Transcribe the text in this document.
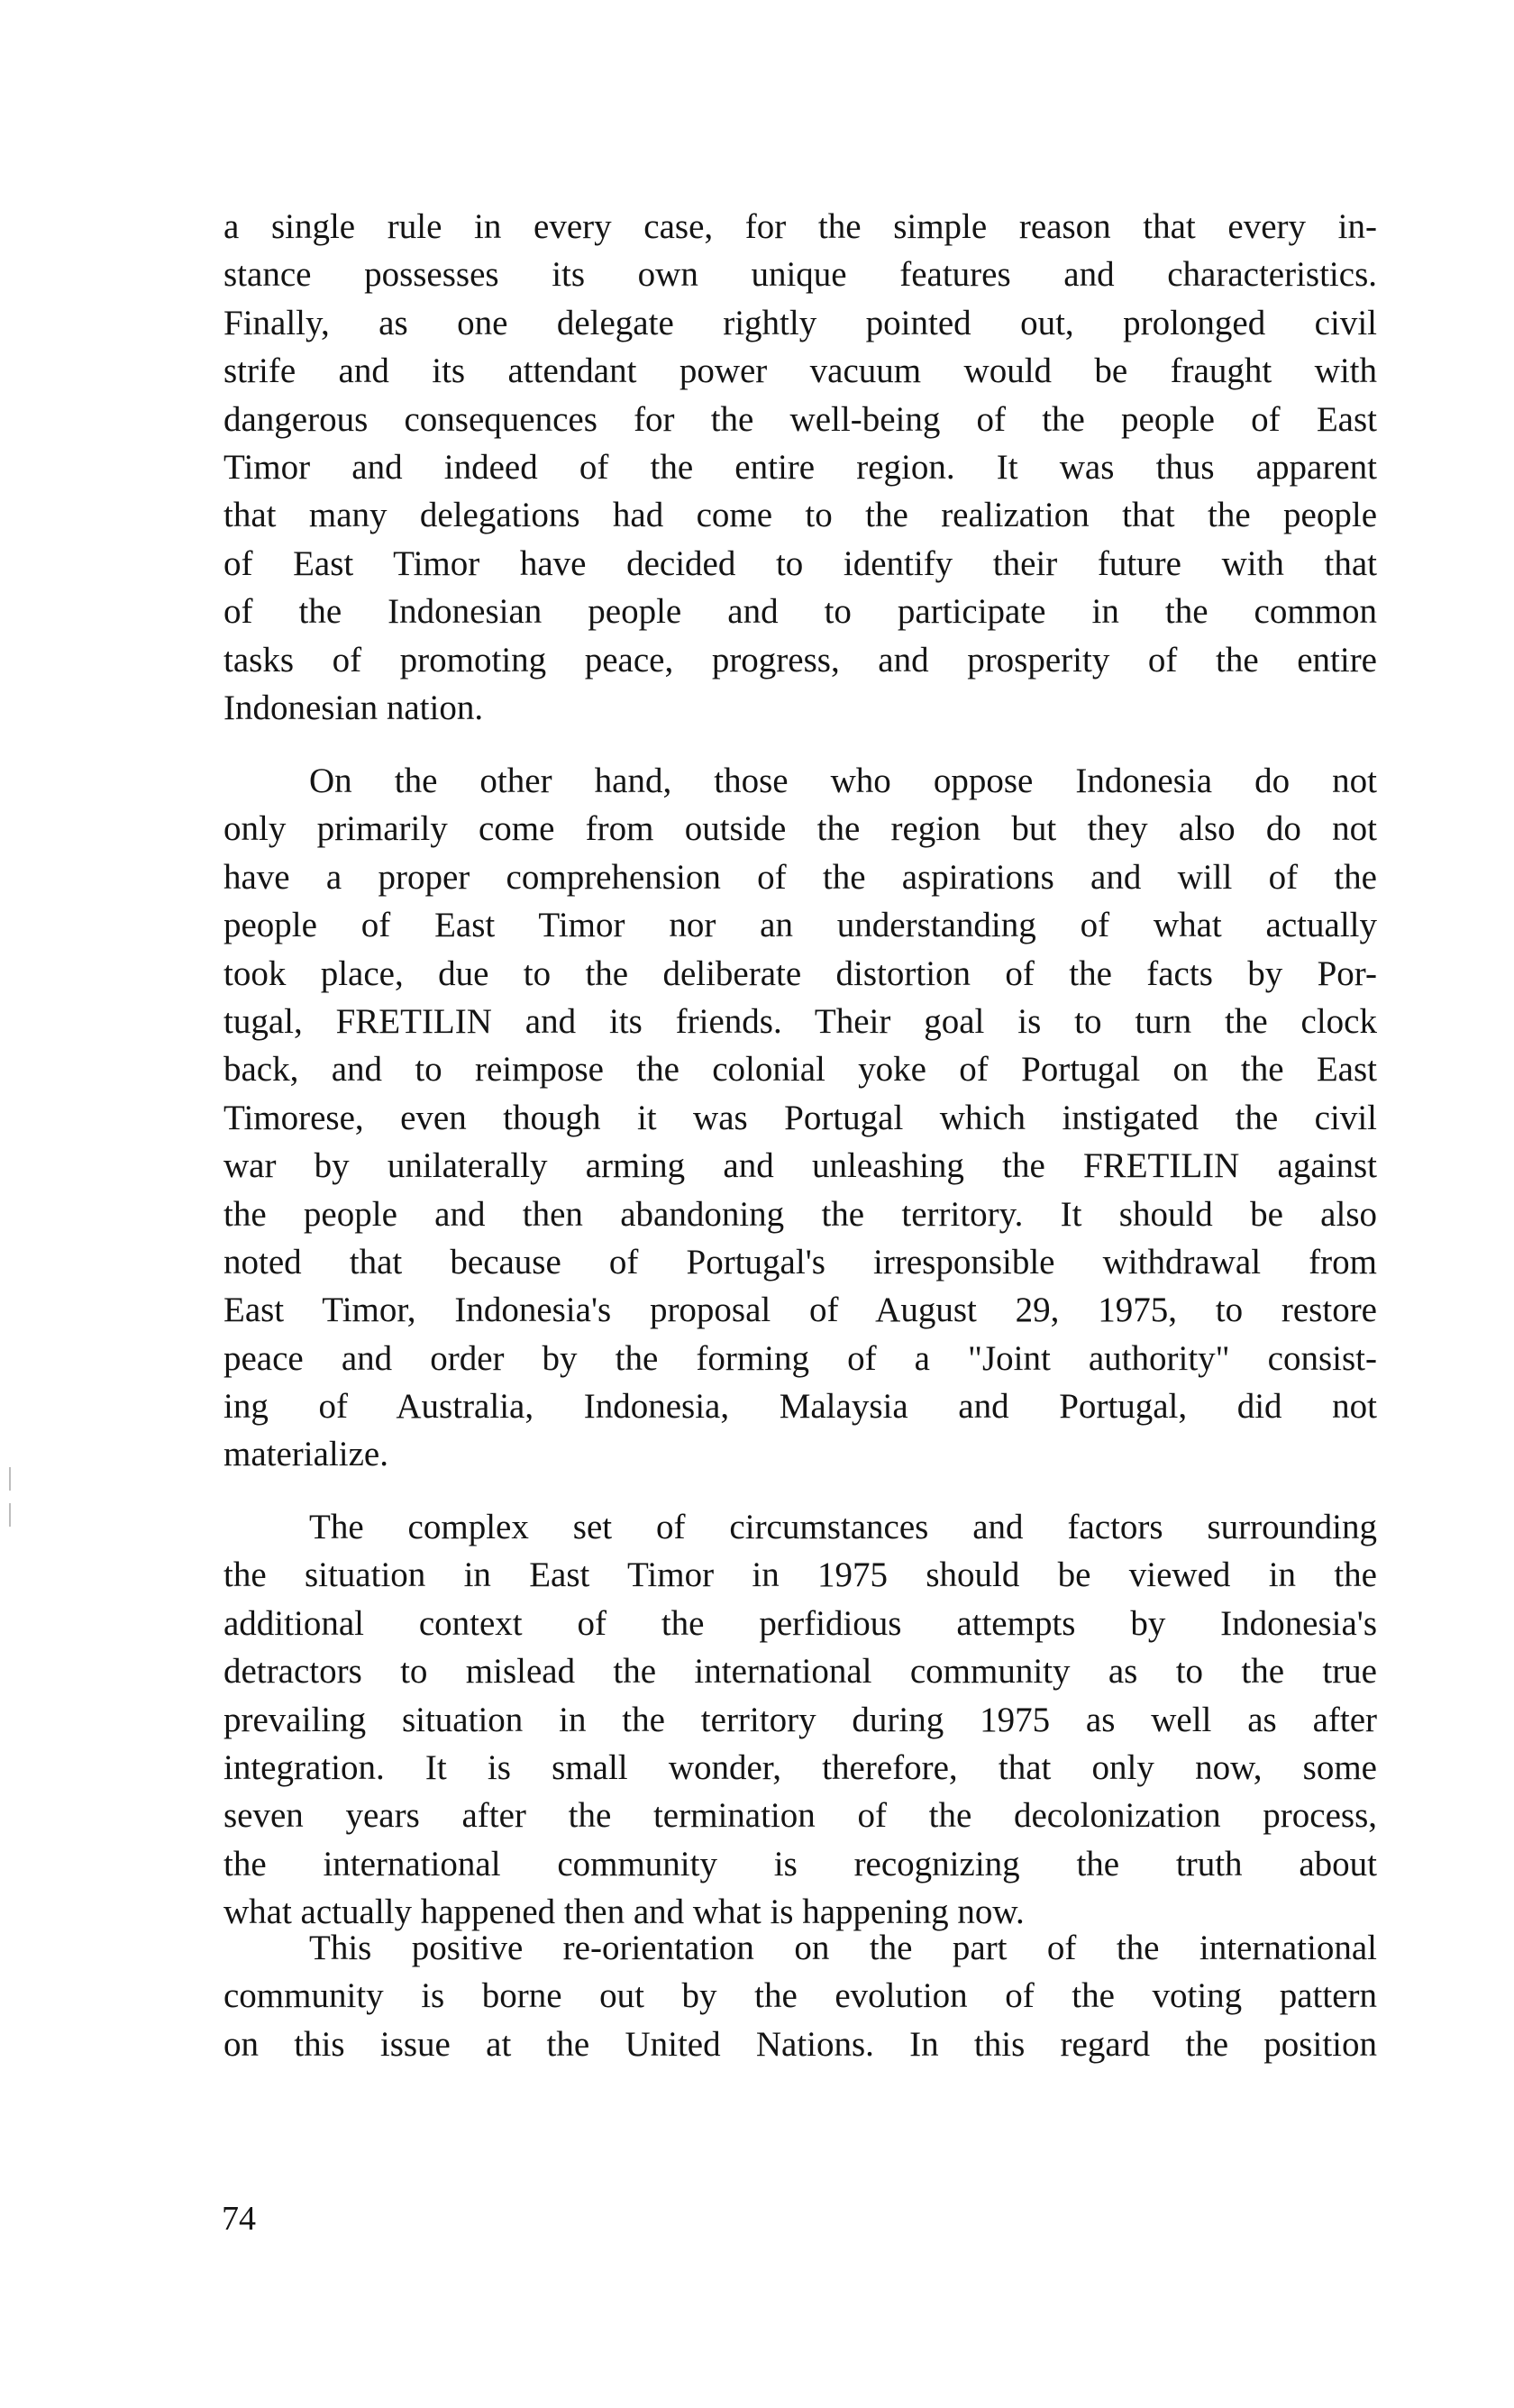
a single rule in every case, for the simple reason that every in-
stance possesses its own unique features and characteristics.
Finally, as one delegate rightly pointed out, prolonged civil
strife and its attendant power vacuum would be fraught with
dangerous consequences for the well-being of the people of East
Timor and indeed of the entire region. It was thus apparent
that many delegations had come to the realization that the people
of East Timor have decided to identify their future with that
of the Indonesian people and to participate in the common
tasks of promoting peace, progress, and prosperity of the entire
Indonesian nation.
On the other hand, those who oppose Indonesia do not
only primarily come from outside the region but they also do not
have a proper comprehension of the aspirations and will of the
people of East Timor nor an understanding of what actually
took place, due to the deliberate distortion of the facts by Por-
tugal, FRETILIN and its friends. Their goal is to turn the clock
back, and to reimpose the colonial yoke of Portugal on the East
Timorese, even though it was Portugal which instigated the civil
war by unilaterally arming and unleashing the FRETILIN against
the people and then abandoning the territory. It should be also
noted that because of Portugal's irresponsible withdrawal from
East Timor, Indonesia's proposal of August 29, 1975, to restore
peace and order by the forming of a "Joint authority" consist-
ing of Australia, Indonesia, Malaysia and Portugal, did not
materialize.
The complex set of circumstances and factors surrounding
the situation in East Timor in 1975 should be viewed in the
additional context of the perfidious attempts by Indonesia's
detractors to mislead the international community as to the true
prevailing situation in the territory during 1975 as well as after
integration. It is small wonder, therefore, that only now, some
seven years after the termination of the decolonization process,
the international community is recognizing the truth about
what actually happened then and what is happening now.
This positive re-orientation on the part of the international
community is borne out by the evolution of the voting pattern
on this issue at the United Nations. In this regard the position
74
